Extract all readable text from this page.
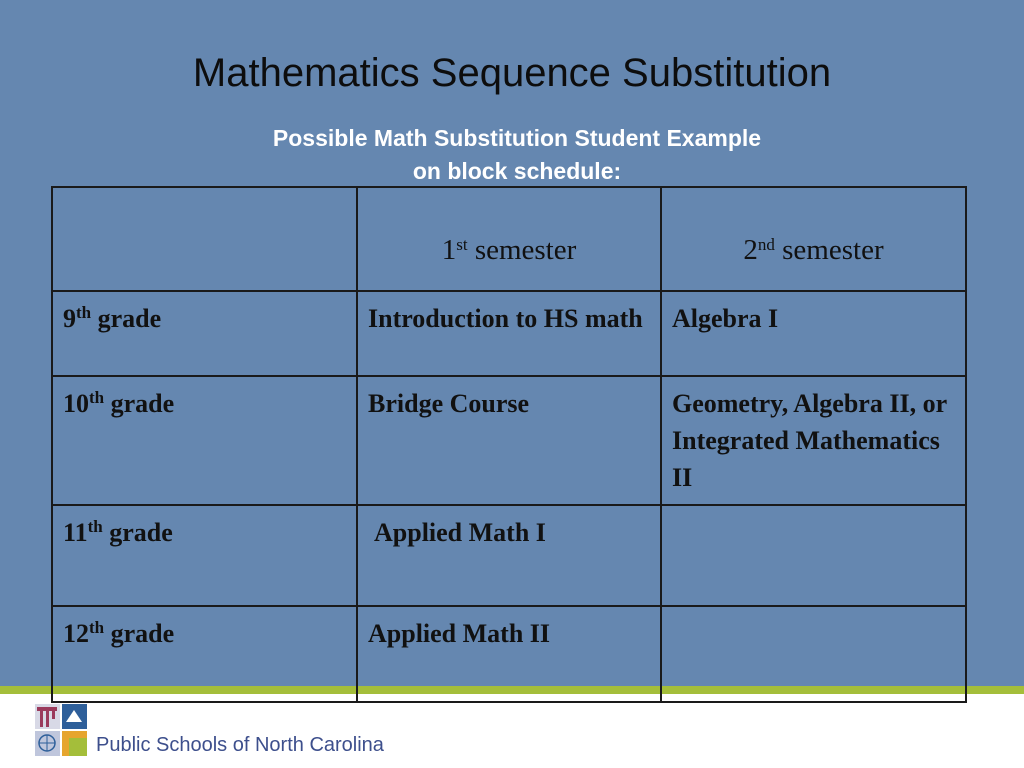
Mathematics Sequence Substitution
Possible Math Substitution Student Example
on block schedule:
	1st semester	2nd semester
9th grade	Introduction to HS math	Algebra I
10th grade	Bridge Course	Geometry, Algebra II, or Integrated Mathematics II
11th grade	Applied Math I	
12th grade	Applied Math II	
Public Schools of North Carolina
